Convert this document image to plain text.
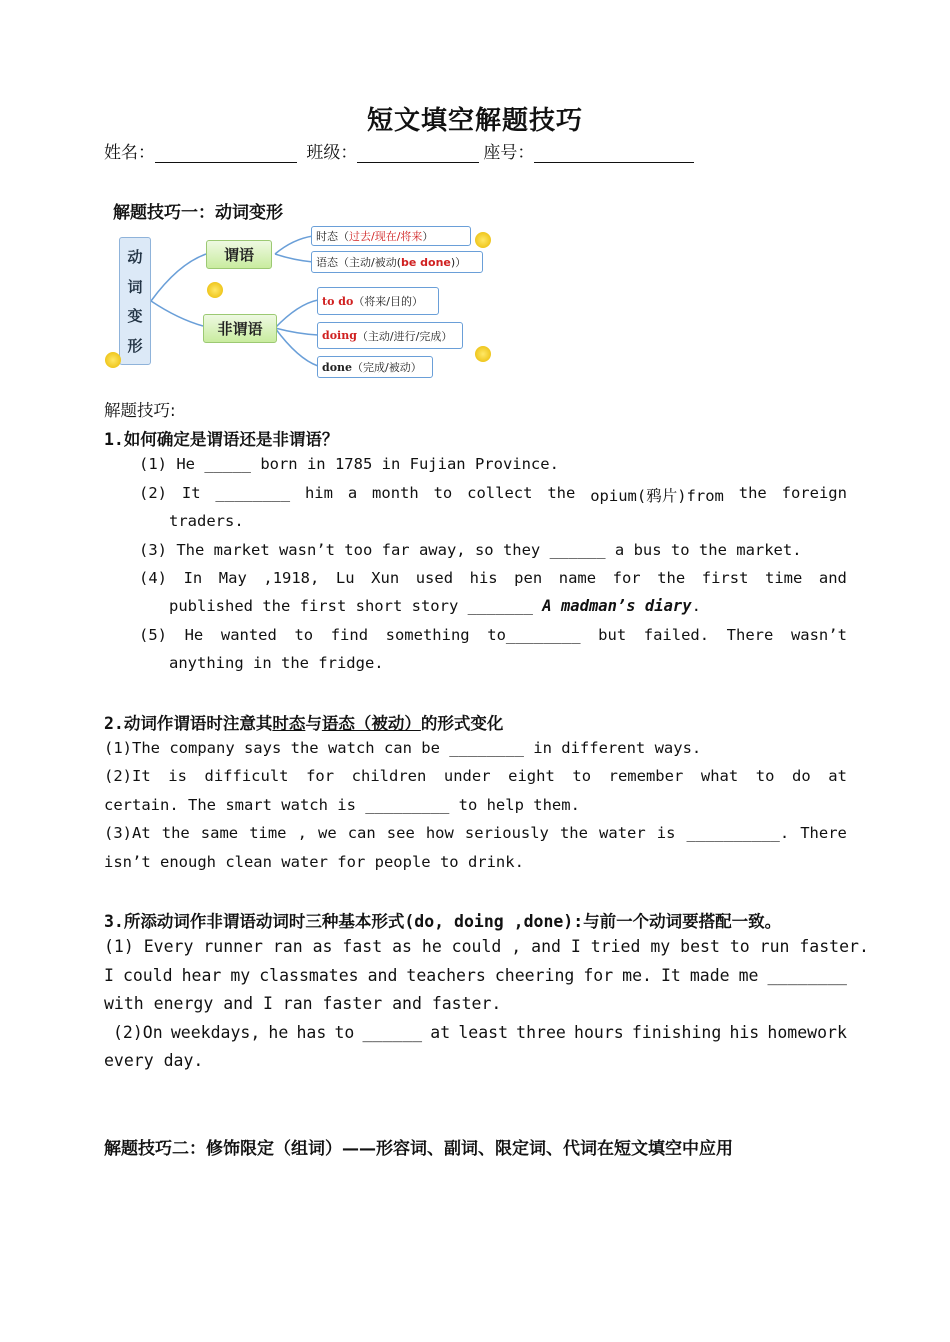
短文填空解题技巧
姓名：	班级：	座号：
解题技巧一：动词变形
动
词
变
形
谓语
非谓语
时态（ 过去/现在/将来 ）
语态（主动/被动( be done )）
to do （将来/目的）
doing （主动/进行/完成）
done （完成/被动）
解题技巧:
1.如何确定是谓语还是非谓语？
(1) He _____ born in 1785 in Fujian Province.
(2) It ________ him a month to collect the opium(鸦片)from the foreign
traders.
(3) The market wasn’t too far away, so they ______ a bus to the market.
(4) In May ,1918, Lu Xun used his pen name for the first time and
published the first short story _______ A madman’s diary.
(5) He wanted to find something to________ but failed. There wasn’t
anything in the fridge.
2.动词作谓语时注意其时态与语态（被动）的形式变化
(1)The company says the watch can be ________ in different ways.
(2)It is difficult for children under eight to remember what to do at
certain. The smart watch is _________ to help them.
(3)At the same time , we can see how seriously the water is __________. There
isn’t enough clean water for people to drink.
3.所添动词作非谓语动词时三种基本形式(do, doing ,done):与前一个动词要搭配一致。
(1) Every runner ran as fast as he could , and I tried my best to run faster.
I could hear my classmates and teachers cheering for me. It made me ________
with energy and I ran faster and faster.
(2)On weekdays, he has to ______ at least three hours finishing his homework
every day.
解题技巧二：修饰限定（组词）——形容词、副词、限定词、代词在短文填空中应用
